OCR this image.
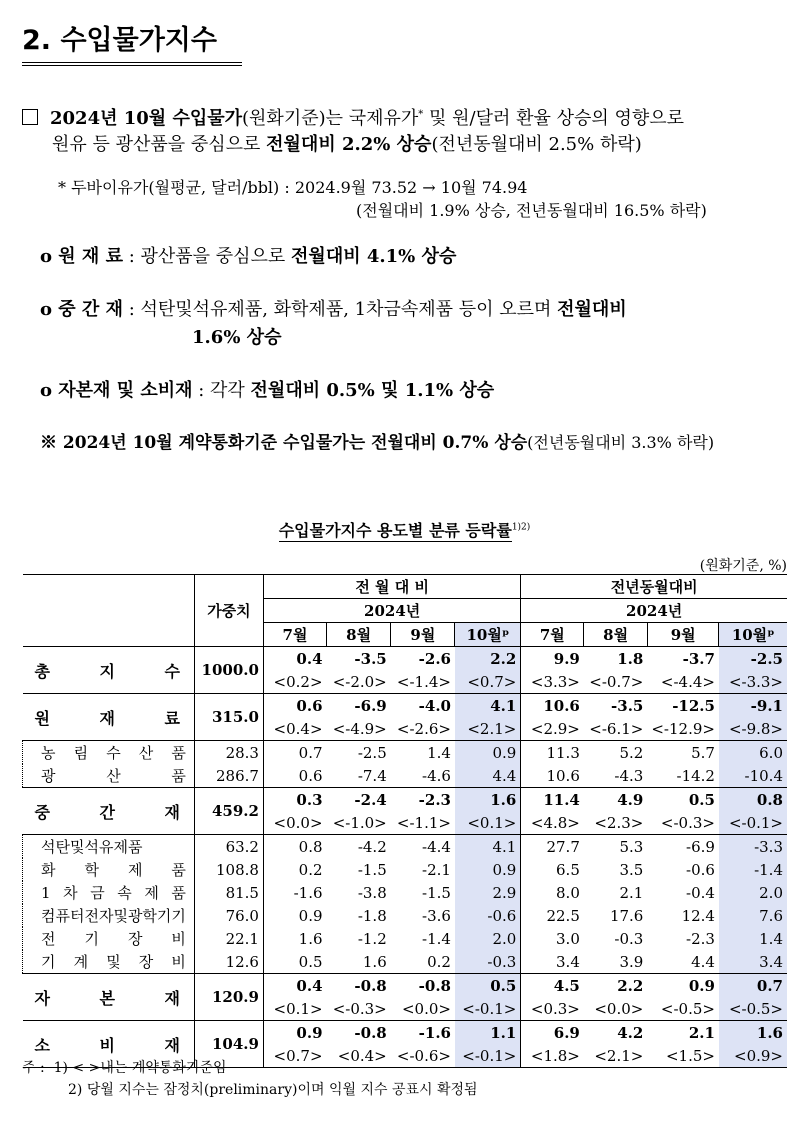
2. 수입물가지수
2024년 10월 수입물가(원화기준)는 국제유가* 및 원/달러 환율 상승의 영향으로
원유 등 광산품을 중심으로 전월대비 2.2% 상승(전년동월대비 2.5% 하락)
* 두바이유가(월평균, 달러/bbl) : 2024.9월 73.52 → 10월 74.94
(전월대비 1.9% 상승, 전년동월대비 16.5% 하락)
o 원 재 료 : 광산품을 중심으로 전월대비 4.1% 상승
o 중 간 재 : 석탄및석유제품, 화학제품, 1차금속제품 등이 오르며 전월대비
1.6% 상승
o 자본재 및 소비재 : 각각 전월대비 0.5% 및 1.1% 상승
※ 2024년 10월 계약통화기준 수입물가는 전월대비 0.7% 상승(전년동월대비 3.3% 하락)
수입물가지수 용도별 분류 등락률$^{1)2)}$
(원화기준, %)
	가중치	전 월 대 비				전년동월대비			
		2024년				2024년			
		7월	8월	9월	10월ᵖ	7월	8월	9월	10월ᵖ
총 지 수	1000.0	0.4	-3.5	-2.6	2.2	9.9	1.8	-3.7	-2.5
		<0.2>	<-2.0>	<-1.4>	<0.7>	<3.3>	<-0.7>	<-4.4>	<-3.3>
원 재 료	315.0	0.6	-6.9	-4.0	4.1	10.6	-3.5	-12.5	-9.1
		<0.4>	<-4.9>	<-2.6>	<2.1>	<2.9>	<-6.1>	<-12.9>	<-9.8>
농 림 수 산 품	28.3	0.7	-2.5	1.4	0.9	11.3	5.2	5.7	6.0
광 산 품	286.7	0.6	-7.4	-4.6	4.4	10.6	-4.3	-14.2	-10.4
중 간 재	459.2	0.3	-2.4	-2.3	1.6	11.4	4.9	0.5	0.8
		<0.0>	<-1.0>	<-1.1>	<0.1>	<4.8>	<2.3>	<-0.3>	<-0.1>
석탄및석유제품	63.2	0.8	-4.2	-4.4	4.1	27.7	5.3	-6.9	-3.3
화 학 제 품	108.8	0.2	-1.5	-2.1	0.9	6.5	3.5	-0.6	-1.4
1 차 금 속 제 품	81.5	-1.6	-3.8	-1.5	2.9	8.0	2.1	-0.4	2.0
컴퓨터전자및광학기기	76.0	0.9	-1.8	-3.6	-0.6	22.5	17.6	12.4	7.6
전 기 장 비	22.1	1.6	-1.2	-1.4	2.0	3.0	-0.3	-2.3	1.4
기 계 및 장 비	12.6	0.5	1.6	0.2	-0.3	3.4	3.9	4.4	3.4
자 본 재	120.9	0.4	-0.8	-0.8	0.5	4.5	2.2	0.9	0.7
		<0.1>	<-0.3>	<0.0>	<-0.1>	<0.3>	<0.0>	<-0.5>	<-0.5>
소 비 재	104.9	0.9	-0.8	-1.6	1.1	6.9	4.2	2.1	1.6
		<0.7>	<0.4>	<-0.6>	<-0.1>	<1.8>	<2.1>	<1.5>	<0.9>
주 : 1) < >내는 계약통화기준임
2) 당월 지수는 잠정치(preliminary)이며 익월 지수 공표시 확정됨
